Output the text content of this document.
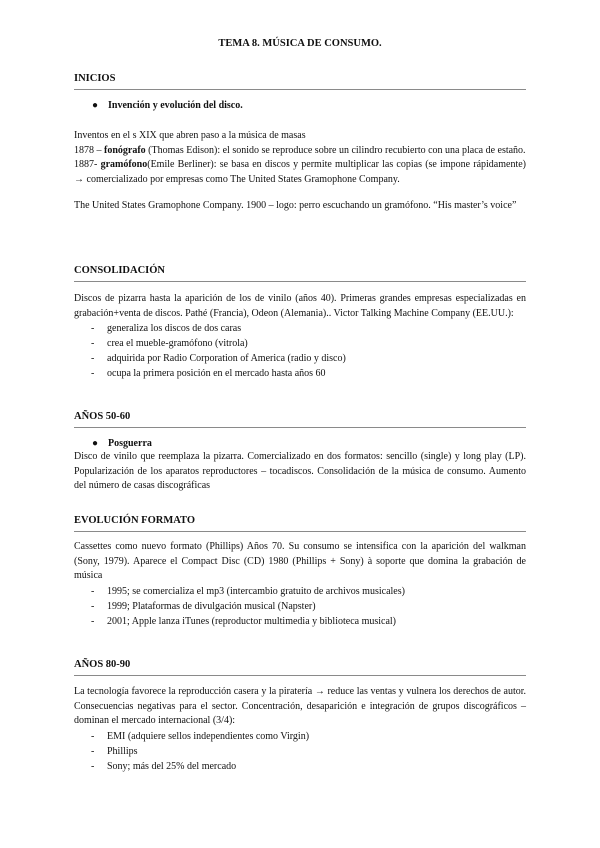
TEMA 8. MÚSICA DE CONSUMO.
INICIOS
● Invención y evolución del disco.

Inventos en el s XIX que abren paso a la música de masas

1878 – fonógrafo (Thomas Edison): el sonido se reproduce sobre un cilindro recubierto con una placa de estaño.

1887- gramófono(Emile Berliner): se basa en discos y permite multiplicar las copias (se impone rápidamente) → comercializado por empresas como The United States Gramophone Company.

The United States Gramophone Company. 1900 – logo: perro escuchando un gramófono. “His master’s voice”

CONSOLIDACIÓN

Discos de pizarra hasta la aparición de los de vinilo (años 40). Primeras grandes empresas especializadas en grabación+venta de discos. Pathé (Francia), Odeon (Alemania).. Victor Talking Machine Company (EE.UU.):

- generaliza los discos de dos caras
- crea el mueble-gramófono (vitrola)
- adquirida por Radio Corporation of America (radio y disco)
- ocupa la primera posición en el mercado hasta años 60
AÑOS 50-60
● Posguerra

Disco de vinilo que reemplaza la pizarra. Comercializado en dos formatos: sencillo (single) y long play (LP). Popularización de los aparatos reproductores – tocadiscos. Consolidación de la música de consumo. Aumento del número de casas discográficas

EVOLUCIÓN FORMATO

Cassettes como nuevo formato (Phillips) Años 70. Su consumo se intensifica con la aparición del walkman (Sony, 1979). Aparece el Compact Disc (CD) 1980 (Phillips + Sony) à soporte que domina la grabación de música

- 1995; se comercializa el mp3 (intercambio gratuito de archivos musicales)
- 1999; Plataformas de divulgación musical (Napster)
- 2001; Apple lanza iTunes (reproductor multimedia y biblioteca musical)
AÑOS 80-90

La tecnología favorece la reproducción casera y la piratería → reduce las ventas y vulnera los derechos de autor. Consecuencias negativas para el sector. Concentración, desaparición e integración de grupos discográficos – dominan el mercado internacional (3/4):

- EMI (adquiere sellos independientes como Virgin)
- Phillips
- Sony; más del 25% del mercado
